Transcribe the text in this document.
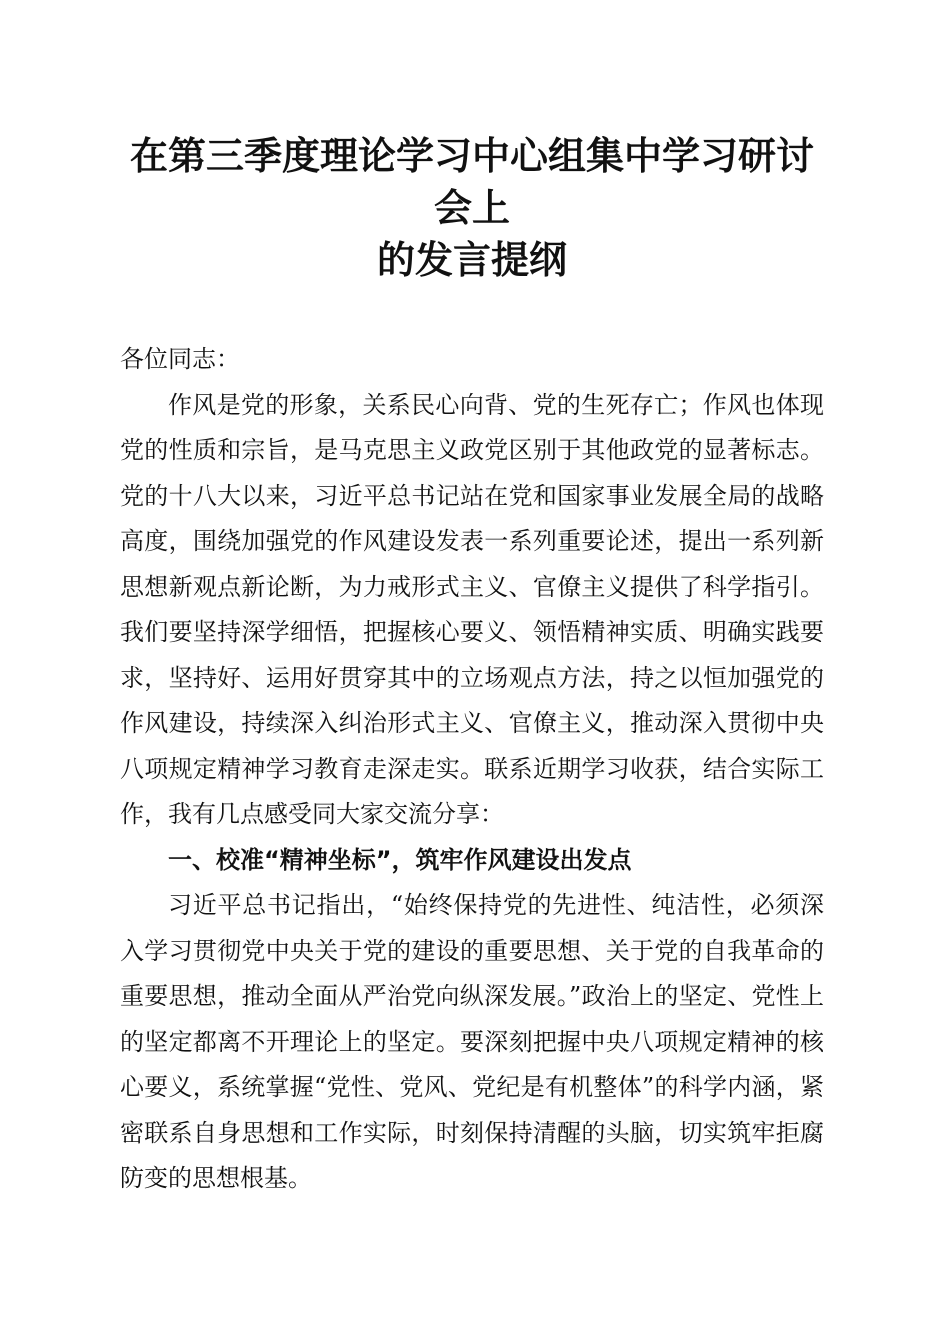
在第三季度理论学习中心组集中学习研讨会上
的发言提纲

各位同志：

作风是党的形象，关系民心向背、党的生死存亡；作风也体现党的性质和宗旨，是马克思主义政党区别于其他政党的显著标志。党的十八大以来，习近平总书记站在党和国家事业发展全局的战略高度，围绕加强党的作风建设发表一系列重要论述，提出一系列新思想新观点新论断，为力戒形式主义、官僚主义提供了科学指引。我们要坚持深学细悟，把握核心要义、领悟精神实质、明确实践要求，坚持好、运用好贯穿其中的立场观点方法，持之以恒加强党的作风建设，持续深入纠治形式主义、官僚主义，推动深入贯彻中央八项规定精神学习教育走深走实。联系近期学习收获，结合实际工作，我有几点感受同大家交流分享：

一、校准“精神坐标”，筑牢作风建设出发点

习近平总书记指出，“始终保持党的先进性、纯洁性，必须深入学习贯彻党中央关于党的建设的重要思想、关于党的自我革命的重要思想，推动全面从严治党向纵深发展。”政治上的坚定、党性上的坚定都离不开理论上的坚定。要深刻把握中央八项规定精神的核心要义，系统掌握“党性、党风、党纪是有机整体”的科学内涵，紧密联系自身思想和工作实际，时刻保持清醒的头脑，切实筑牢拒腐防变的思想根基。
